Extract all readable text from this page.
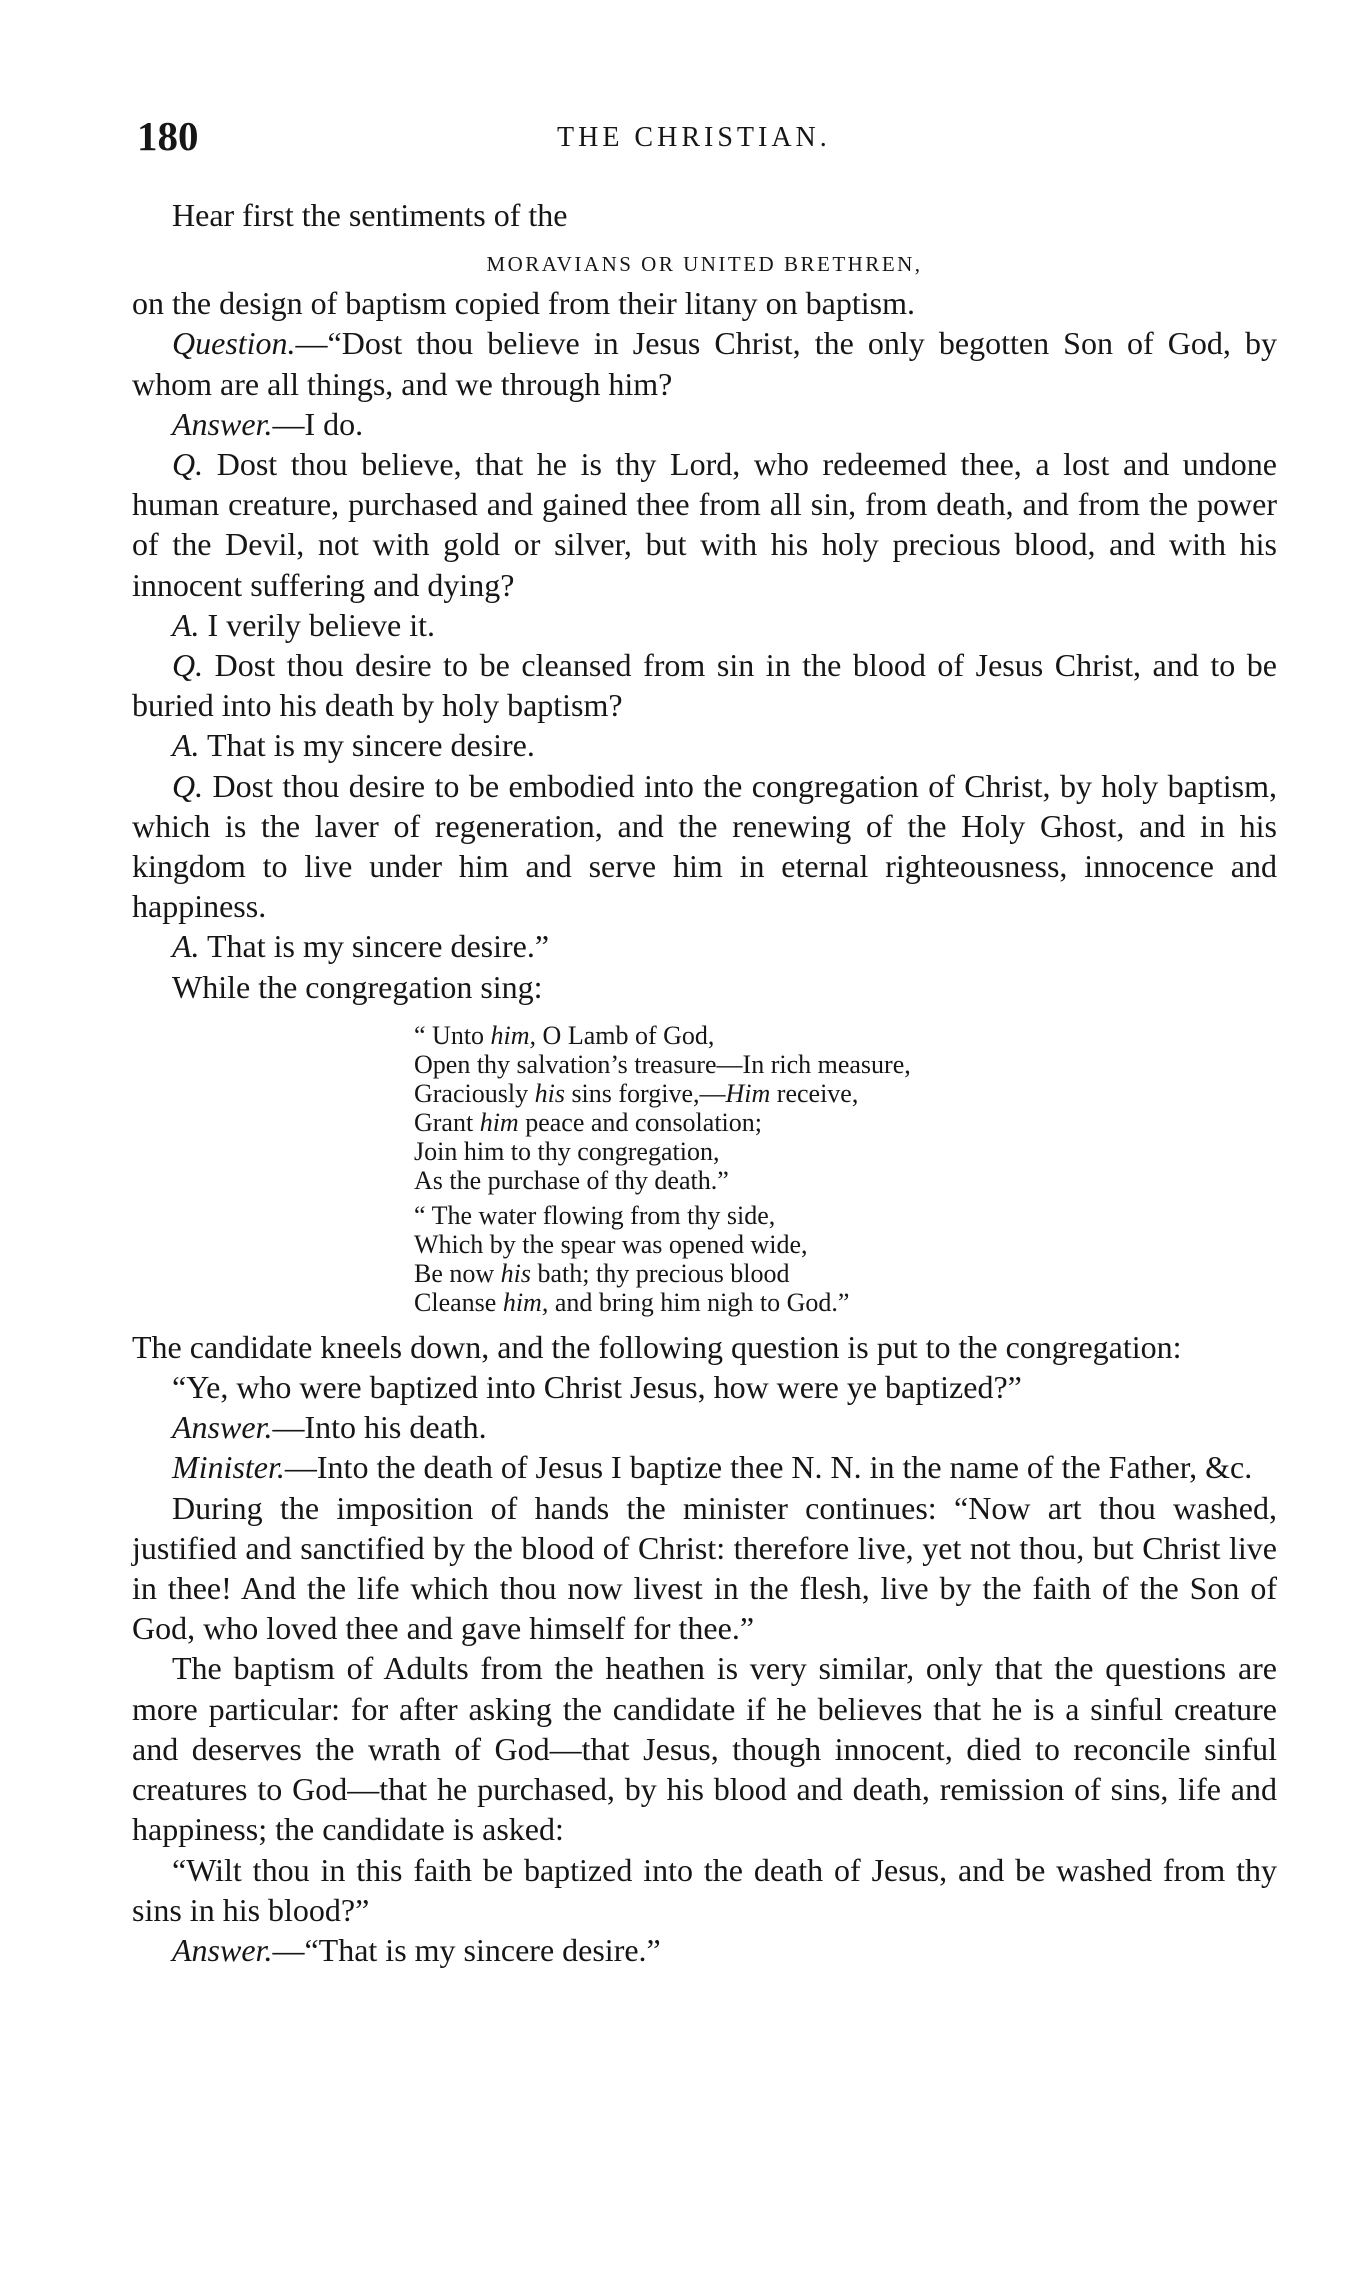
180	THE CHRISTIAN.

Hear first the sentiments of the

MORAVIANS OR UNITED BRETHREN,

on the design of baptism copied from their litany on baptism.

Question.—“Dost thou believe in Jesus Christ, the only begotten Son of God, by whom are all things, and we through him?

Answer.—I do.

Q. Dost thou believe, that he is thy Lord, who redeemed thee, a lost and undone human creature, purchased and gained thee from all sin, from death, and from the power of the Devil, not with gold or silver, but with his holy precious blood, and with his innocent suffering and dying?

A. I verily believe it.

Q. Dost thou desire to be cleansed from sin in the blood of Jesus Christ, and to be buried into his death by holy baptism?

A. That is my sincere desire.

Q. Dost thou desire to be embodied into the congregation of Christ, by holy baptism, which is the laver of regeneration, and the renewing of the Holy Ghost, and in his kingdom to live under him and serve him in eternal righteousness, innocence and happiness.

A. That is my sincere desire.”

While the congregation sing:

“ Unto him, O Lamb of God,
Open thy salvation’s treasure—In rich measure,
Graciously his sins forgive,—Him receive,
Grant him peace and consolation;
Join him to thy congregation,
As the purchase of thy death.”
“ The water flowing from thy side,
Which by the spear was opened wide,
Be now his bath; thy precious blood
Cleanse him, and bring him nigh to God.”

The candidate kneels down, and the following question is put to the congregation:

“Ye, who were baptized into Christ Jesus, how were ye baptized?”

Answer.—Into his death.

Minister.—Into the death of Jesus I baptize thee N. N. in the name of the Father, &c.

During the imposition of hands the minister continues: “Now art thou washed, justified and sanctified by the blood of Christ: therefore live, yet not thou, but Christ live in thee! And the life which thou now livest in the flesh, live by the faith of the Son of God, who loved thee and gave himself for thee.”

The baptism of Adults from the heathen is very similar, only that the questions are more particular: for after asking the candidate if he believes that he is a sinful creature and deserves the wrath of God—that Jesus, though innocent, died to reconcile sinful creatures to God—that he purchased, by his blood and death, remission of sins, life and happiness; the candidate is asked:

“Wilt thou in this faith be baptized into the death of Jesus, and be washed from thy sins in his blood?”

Answer.—“That is my sincere desire.”
